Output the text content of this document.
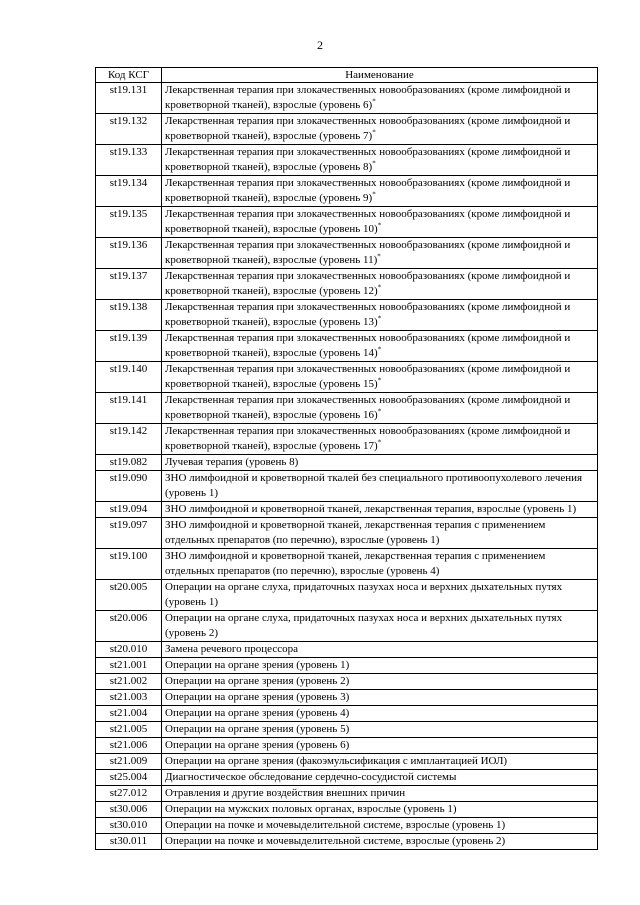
2
Код КСГ	Наименование
st19.131	Лекарственная терапия при злокачественных новообразованиях (кроме лимфоидной и кроветворной тканей), взрослые (уровень 6)*
st19.132	Лекарственная терапия при злокачественных новообразованиях (кроме лимфоидной и кроветворной тканей), взрослые (уровень 7)*
st19.133	Лекарственная терапия при злокачественных новообразованиях (кроме лимфоидной и кроветворной тканей), взрослые (уровень 8)*
st19.134	Лекарственная терапия при злокачественных новообразованиях (кроме лимфоидной и кроветворной тканей), взрослые (уровень 9)*
st19.135	Лекарственная терапия при злокачественных новообразованиях (кроме лимфоидной и кроветворной тканей), взрослые (уровень 10)*
st19.136	Лекарственная терапия при злокачественных новообразованиях (кроме лимфоидной и кроветворной тканей), взрослые (уровень 11)*
st19.137	Лекарственная терапия при злокачественных новообразованиях (кроме лимфоидной и кроветворной тканей), взрослые (уровень 12)*
st19.138	Лекарственная терапия при злокачественных новообразованиях (кроме лимфоидной и кроветворной тканей), взрослые (уровень 13)*
st19.139	Лекарственная терапия при злокачественных новообразованиях (кроме лимфоидной и кроветворной тканей), взрослые (уровень 14)*
st19.140	Лекарственная терапия при злокачественных новообразованиях (кроме лимфоидной и кроветворной тканей), взрослые (уровень 15)*
st19.141	Лекарственная терапия при злокачественных новообразованиях (кроме лимфоидной и кроветворной тканей), взрослые (уровень 16)*
st19.142	Лекарственная терапия при злокачественных новообразованиях (кроме лимфоидной и кроветворной тканей), взрослые (уровень 17)*
st19.082	Лучевая терапия (уровень 8)
st19.090	ЗНО лимфоидной и кроветворной ткалей без специального противоопухолевого лечения (уровень 1)
st19.094	ЗНО лимфоидной и кроветворной тканей, лекарственная терапия, взрослые (уровень 1)
st19.097	ЗНО лимфоидной и кроветворной тканей, лекарственная терапия с применением отдельных препаратов (по перечню), взрослые (уровень 1)
st19.100	ЗНО лимфоидной и кроветворной тканей, лекарственная терапия с применением отдельных препаратов (по перечню), взрослые (уровень 4)
st20.005	Операции на органе слуха, придаточных пазухах носа и верхних дыхательных путях (уровень 1)
st20.006	Операции на органе слуха, придаточных пазухах носа и верхних дыхательных путях (уровень 2)
st20.010	Замена речевого процессора
st21.001	Операции на органе зрения (уровень 1)
st21.002	Операции на органе зрения (уровень 2)
st21.003	Операции на органе зрения (уровень 3)
st21.004	Операции на органе зрения (уровень 4)
st21.005	Операции на органе зрения (уровень 5)
st21.006	Операции на органе зрения (уровень 6)
st21.009	Операции на органе зрения (факоэмульсификация с имплантацией ИОЛ)
st25.004	Диагностическое обследование сердечно-сосудистой системы
st27.012	Отравления и другие воздействия внешних причин
st30.006	Операции на мужских половых органах, взрослые (уровень 1)
st30.010	Операции на почке и мочевыделительной системе, взрослые (уровень 1)
st30.011	Операции на почке и мочевыделительной системе, взрослые (уровень 2)
